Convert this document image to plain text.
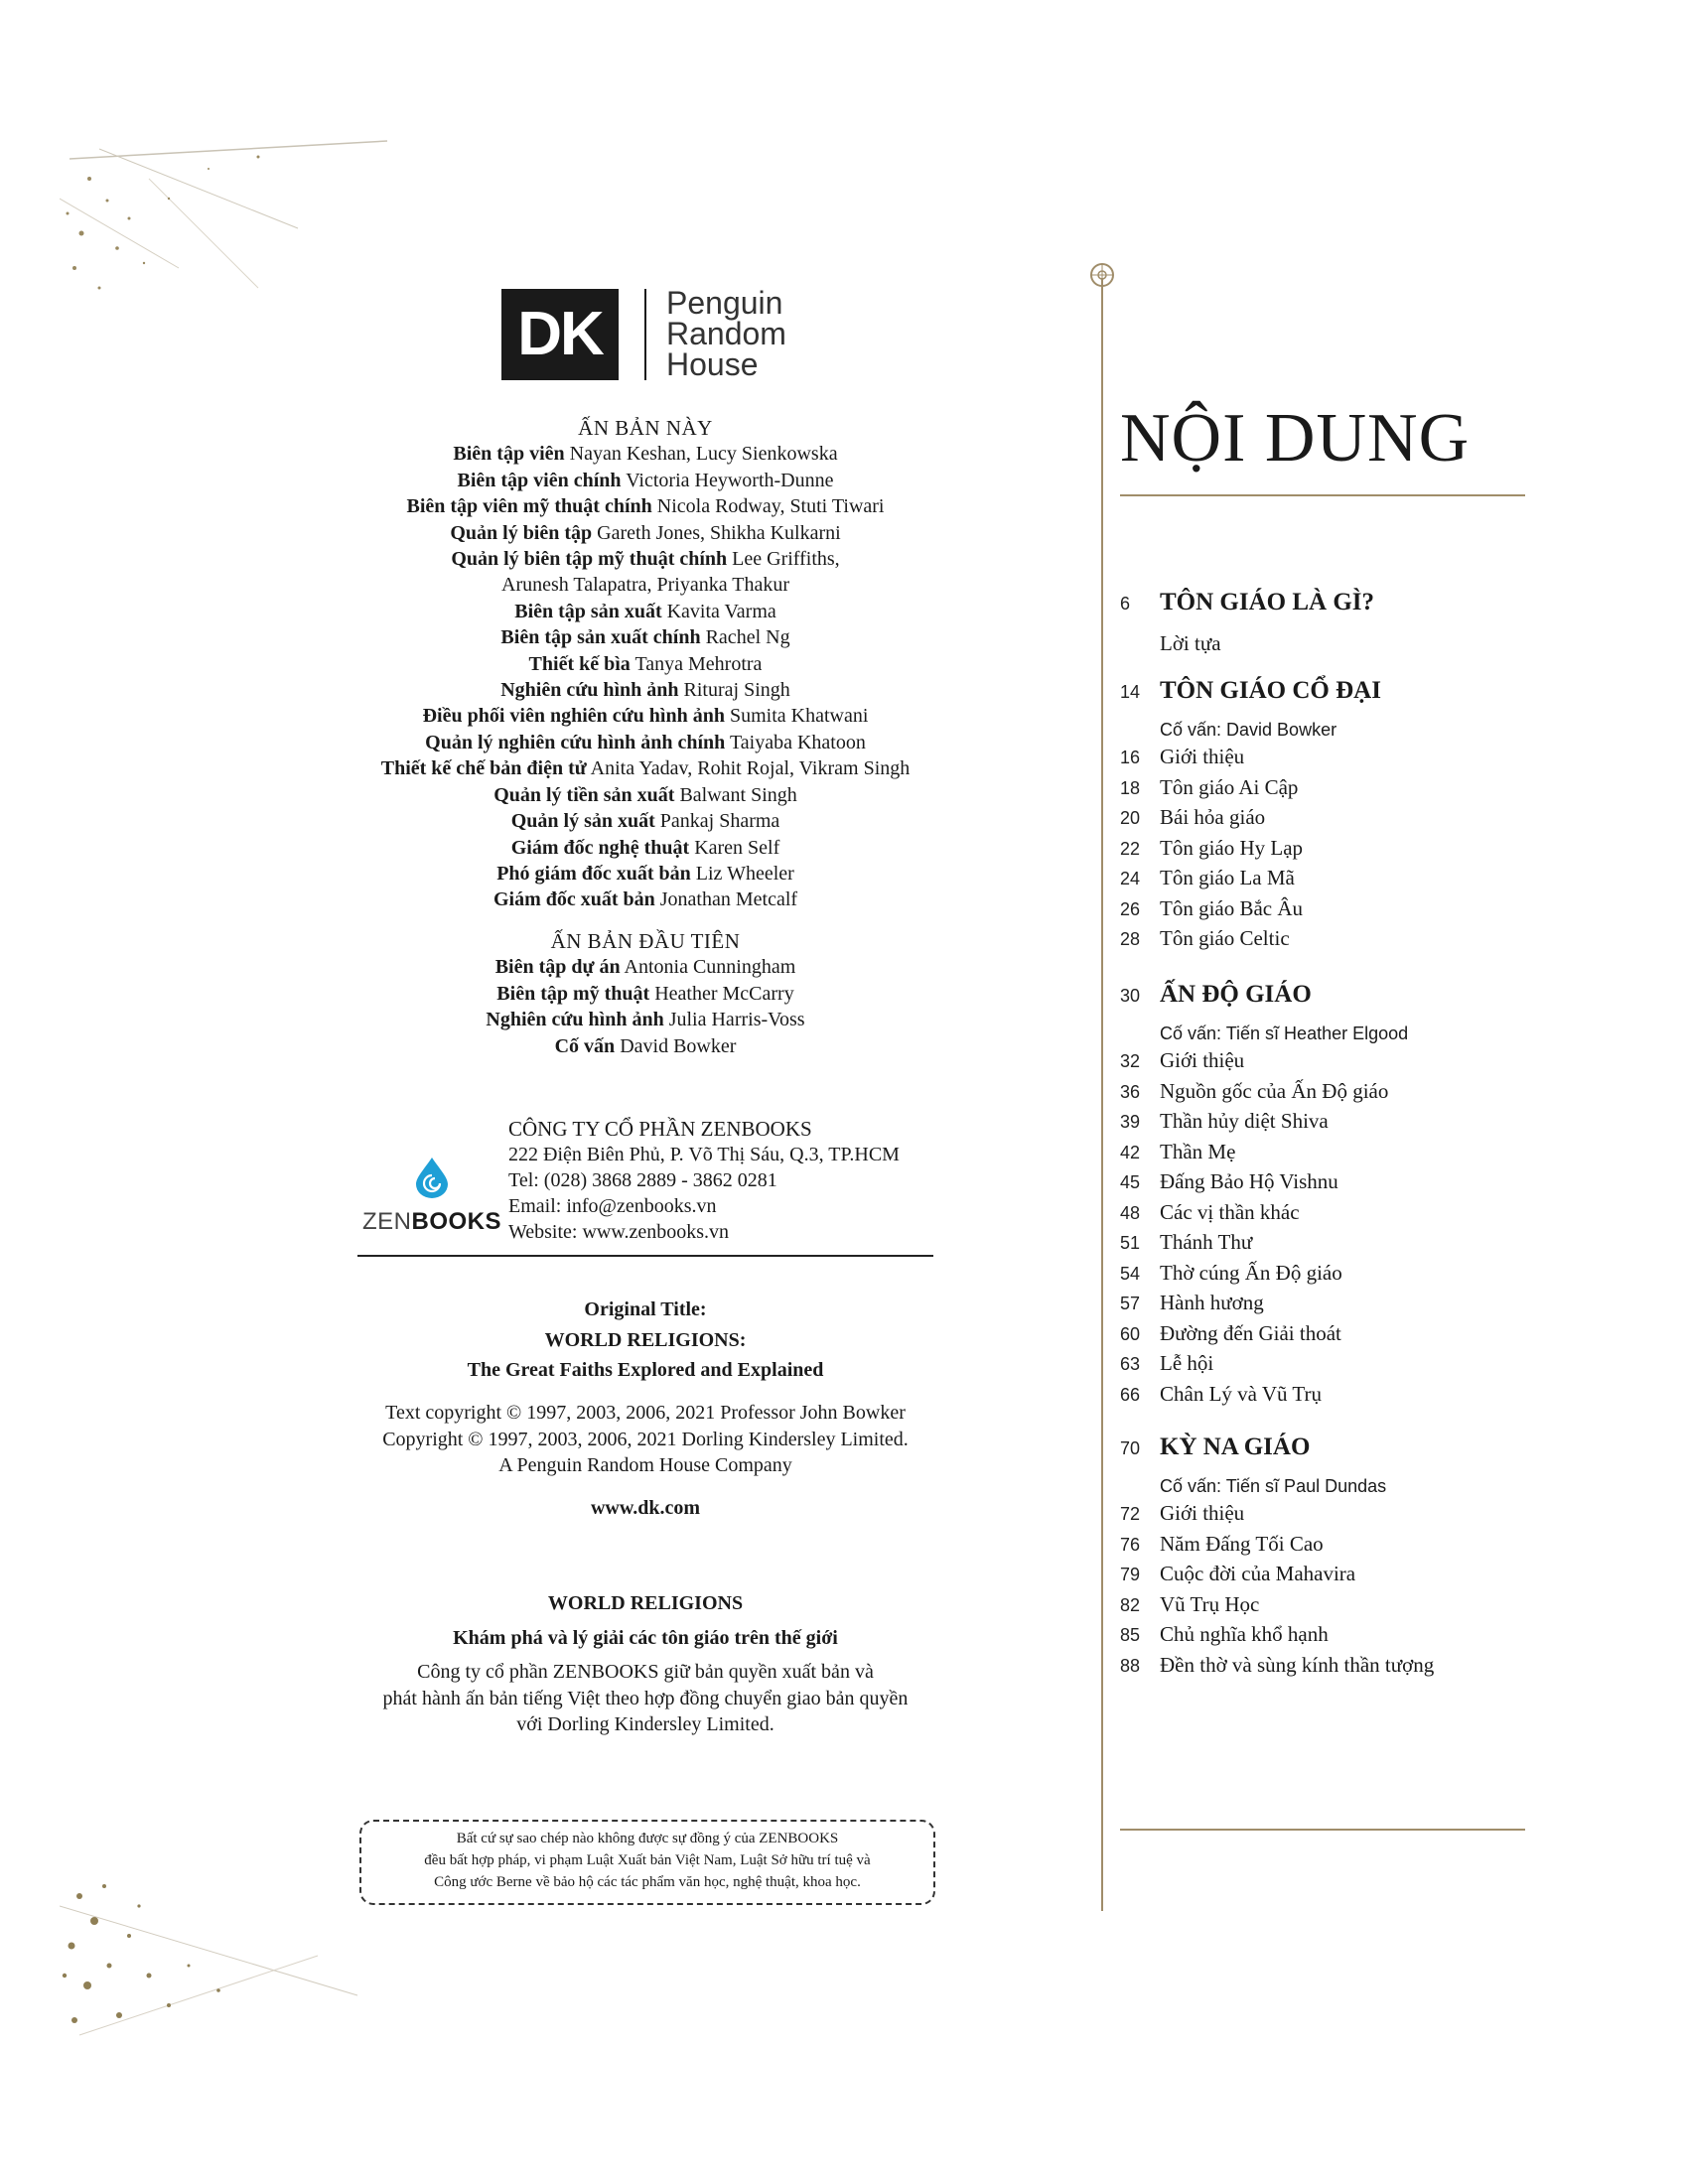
DK Penguin
Random
House
ẤN BẢN NÀY
Biên tập viên Nayan Keshan, Lucy Sienkowska
Biên tập viên chính Victoria Heyworth-Dunne
Biên tập viên mỹ thuật chính Nicola Rodway, Stuti Tiwari
Quản lý biên tập Gareth Jones, Shikha Kulkarni
Quản lý biên tập mỹ thuật chính Lee Griffiths,
Arunesh Talapatra, Priyanka Thakur
Biên tập sản xuất Kavita Varma
Biên tập sản xuất chính Rachel Ng
Thiết kế bìa Tanya Mehrotra
Nghiên cứu hình ảnh Rituraj Singh
Điều phối viên nghiên cứu hình ảnh Sumita Khatwani
Quản lý nghiên cứu hình ảnh chính Taiyaba Khatoon
Thiết kế chế bản điện tử Anita Yadav, Rohit Rojal, Vikram Singh
Quản lý tiền sản xuất Balwant Singh
Quản lý sản xuất Pankaj Sharma
Giám đốc nghệ thuật Karen Self
Phó giám đốc xuất bản Liz Wheeler
Giám đốc xuất bản Jonathan Metcalf
ẤN BẢN ĐẦU TIÊN
Biên tập dự án Antonia Cunningham
Biên tập mỹ thuật Heather McCarry
Nghiên cứu hình ảnh Julia Harris-Voss
Cố vấn David Bowker
ZENBOOKS
CÔNG TY CỔ PHẦN ZENBOOKS
222 Điện Biên Phủ, P. Võ Thị Sáu, Q.3, TP.HCM
Tel: (028) 3868 2889 - 3862 0281
Email: info@zenbooks.vn
Website: www.zenbooks.vn
Original Title:
WORLD RELIGIONS:
The Great Faiths Explored and Explained
Text copyright © 1997, 2003, 2006, 2021 Professor John Bowker
Copyright © 1997, 2003, 2006, 2021 Dorling Kindersley Limited.
A Penguin Random House Company
www.dk.com
WORLD RELIGIONS
Khám phá và lý giải các tôn giáo trên thế giới
Công ty cổ phần ZENBOOKS giữ bản quyền xuất bản và
phát hành ấn bản tiếng Việt theo hợp đồng chuyển giao bản quyền
với Dorling Kindersley Limited.
Bất cứ sự sao chép nào không được sự đồng ý của ZENBOOKS
đều bất hợp pháp, vi phạm Luật Xuất bản Việt Nam, Luật Sở hữu trí tuệ và
Công ước Berne về bảo hộ các tác phẩm văn học, nghệ thuật, khoa học.
NỘI DUNG
6	TÔN GIÁO LÀ GÌ?
Lời tựa
14 TÔN GIÁO CỔ ĐẠI
Cố vấn: David Bowker
16 Giới thiệu
18 Tôn giáo Ai Cập
20 Bái hỏa giáo
22 Tôn giáo Hy Lạp
24 Tôn giáo La Mã
26 Tôn giáo Bắc Âu
28 Tôn giáo Celtic
30 ẤN ĐỘ GIÁO
Cố vấn: Tiến sĩ Heather Elgood
32 Giới thiệu
36 Nguồn gốc của Ấn Độ giáo
39 Thần hủy diệt Shiva
42 Thần Mẹ
45 Đấng Bảo Hộ Vishnu
48 Các vị thần khác
51 Thánh Thư
54 Thờ cúng Ấn Độ giáo
57 Hành hương
60 Đường đến Giải thoát
63 Lễ hội
66 Chân Lý và Vũ Trụ
70 KỲ NA GIÁO
Cố vấn: Tiến sĩ Paul Dundas
72 Giới thiệu
76 Năm Đấng Tối Cao
79 Cuộc đời của Mahavira
82 Vũ Trụ Học
85 Chủ nghĩa khổ hạnh
88 Đền thờ và sùng kính thần tượng
